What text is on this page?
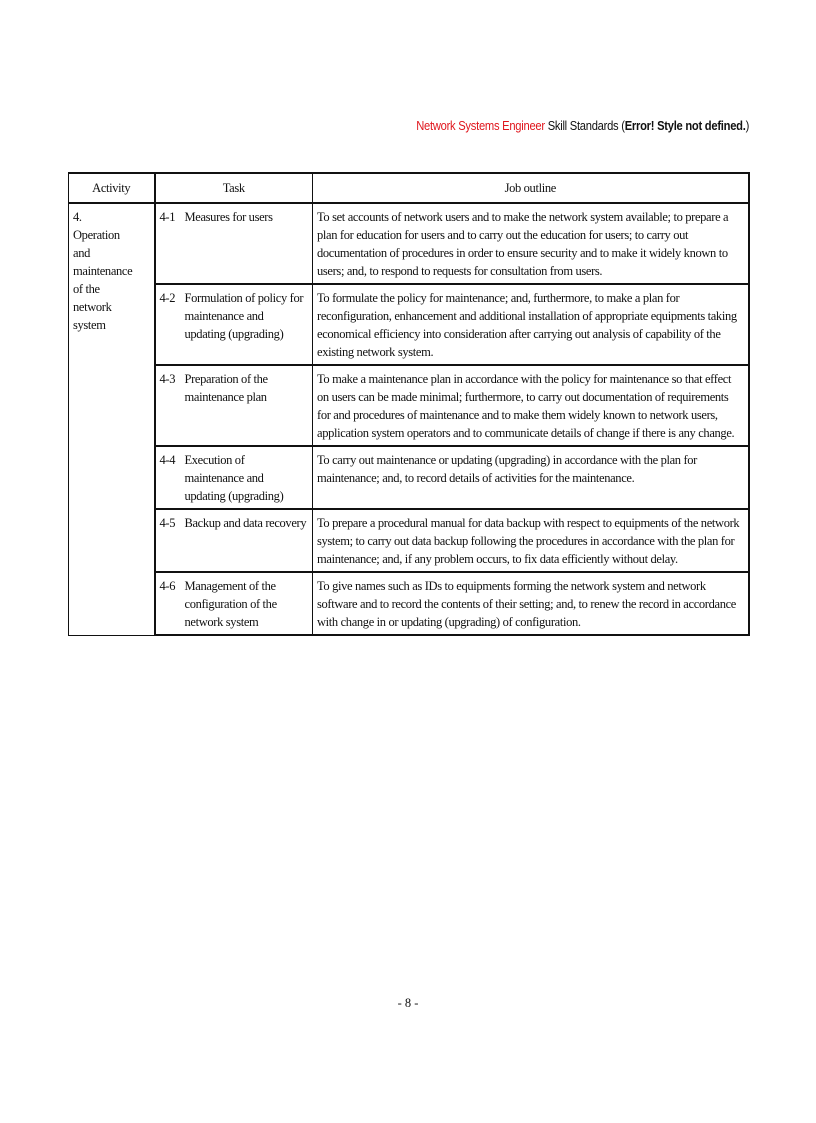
Network Systems Engineer Skill Standards (Error! Style not defined.)
Activity	Task	Job outline
4.Operation and maintenance of the network system	4-1 Measures for users	To set accounts of network users and to make the network system available; to prepare a plan for education for users and to carry out the education for users; to carry out documentation of procedures in order to ensure security and to make it widely known to users; and, to respond to requests for consultation from users.
	4-2 Formulation of policy for maintenance and updating (upgrading)	To formulate the policy for maintenance; and, furthermore, to make a plan for reconfiguration, enhancement and additional installation of appropriate equipments taking economical efficiency into consideration after carrying out analysis of capability of the existing network system.
	4-3 Preparation of the maintenance plan	To make a maintenance plan in accordance with the policy for maintenance so that effect on users can be made minimal; furthermore, to carry out documentation of requirements for and procedures of maintenance and to make them widely known to network users, application system operators and to communicate details of change if there is any change.
	4-4 Execution of maintenance and updating (upgrading)	To carry out maintenance or updating (upgrading) in accordance with the plan for maintenance; and, to record details of activities for the maintenance.
	4-5 Backup and data recovery	To prepare a procedural manual for data backup with respect to equipments of the network system; to carry out data backup following the procedures in accordance with the plan for maintenance; and, if any problem occurs, to fix data efficiently without delay.
	4-6 Management of the configuration of the network system	To give names such as IDs to equipments forming the network system and network software and to record the contents of their setting; and, to renew the record in accordance with change in or updating (upgrading) of configuration.
- 8 -
